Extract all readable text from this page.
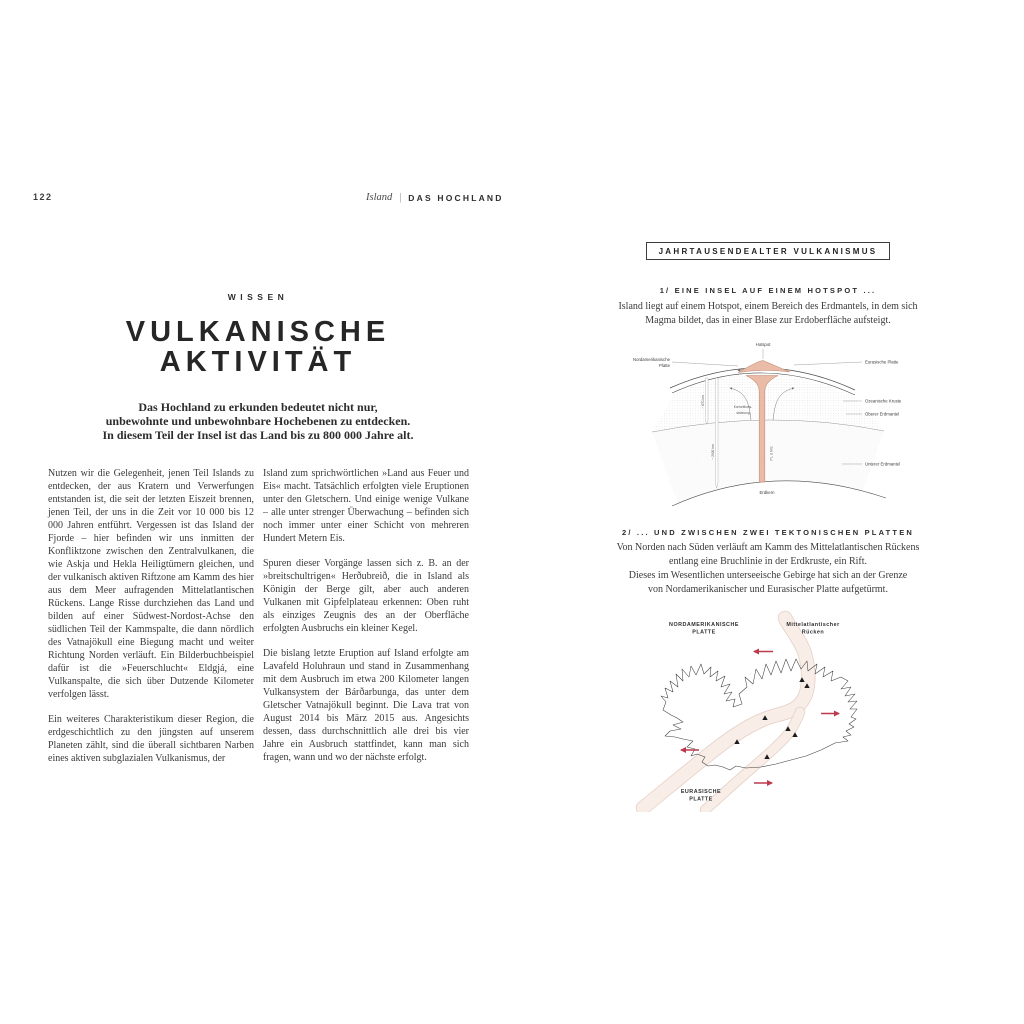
122	Island | DAS HOCHLAND
WISSEN
VULKANISCHE
AKTIVITÄT
Das Hochland zu erkunden bedeutet nicht nur,
unbewohnte und unbewohnbare Hochebenen zu entdecken.
In diesem Teil der Insel ist das Land bis zu 800 000 Jahre alt.

Nutzen wir die Gelegenheit, jenen Teil Islands zu entdecken, der aus Kratern und Verwerfungen entstanden ist, die seit der letzten Eiszeit brennen, jenen Teil, der uns in die Zeit vor 10 000 bis 12 000 Jahren entführt. Vergessen ist das Island der Fjorde – hier befinden wir uns inmitten der Konfliktzone zwischen den Zentralvulkanen, die wie Askja und Hekla Heiligtümern gleichen, und der vulkanisch aktiven Riftzone am Kamm des hier aus dem Meer aufragenden Mittelatlantischen Rückens. Lange Risse durchziehen das Land und bilden auf einer Südwest-Nordost-Achse den südlichen Teil der Kammspalte, die dann nördlich des Vatnajökull eine Biegung macht und weiter Richtung Norden verläuft. Ein Bilderbuchbeispiel dafür ist die »Feuerschlucht« Eldgjá, eine Vulkanspalte, die sich über Dutzende Kilometer verfolgen lässt.

Ein weiteres Charakteristikum dieser Region, die erdgeschichtlich zu den jüngsten auf unserem Planeten zählt, sind die überall sichtbaren Narben eines aktiven subglazialen Vulkanismus, der

Island zum sprichwörtlichen »Land aus Feuer und Eis« macht. Tatsächlich erfolgten viele Eruptionen unter den Gletschern. Und einige wenige Vulkane – alle unter strenger Überwachung – befinden sich noch immer unter einer Schicht von mehreren Hundert Metern Eis.

Spuren dieser Vorgänge lassen sich z. B. an der »breitschultrigen« Herðubreið, die in Island als Königin der Berge gilt, aber auch anderen Vulkanen mit Gipfelplateau erkennen: Oben ruht als einziges Zeugnis des an der Oberfläche erfolgten Ausbruchs ein kleiner Kegel.

Die bislang letzte Eruption auf Island erfolgte am Lavafeld Holuhraun und stand in Zusammenhang mit dem Ausbruch im etwa 200 Kilometer langen Vulkansystem der Bárðarbunga, das unter dem Gletscher Vatnajökull beginnt. Die Lava trat von August 2014 bis März 2015 aus. Angesichts dessen, dass durchschnittlich alle drei bis vier Jahre ein Ausbruch stattfindet, kann man sich fragen, wann und wo der nächste erfolgt.

JAHRTAUSENDEALTER VULKANISMUS
1/ EINE INSEL AUF EINEM HOTSPOT ...
Island liegt auf einem Hotspot, einem Bereich des Erdmantels, in dem sich
Magma bildet, das in einer Blase zur Erdoberfläche aufsteigt.
~ 670 km
~ 2900 km
Hotspot
Nordamerikanische
Platte
Eurasische Platte
Ozeanische Kruste
Oberer Erdmantel
Unterer Erdmantel
Konvektions-
strömung
PLUME
Erdkern
2/ ... UND ZWISCHEN ZWEI TEKTONISCHEN PLATTEN
Von Norden nach Süden verläuft am Kamm des Mittelatlantischen Rückens
entlang eine Bruchlinie in der Erdkruste, ein Rift.
Dieses im Wesentlichen unterseeische Gebirge hat sich an der Grenze
von Nordamerikanischer und Eurasischer Platte aufgetürmt.
NORDAMERIKANISCHE
PLATTE
Mittelatlantischer
Rücken
EURASISCHE
PLATTE
